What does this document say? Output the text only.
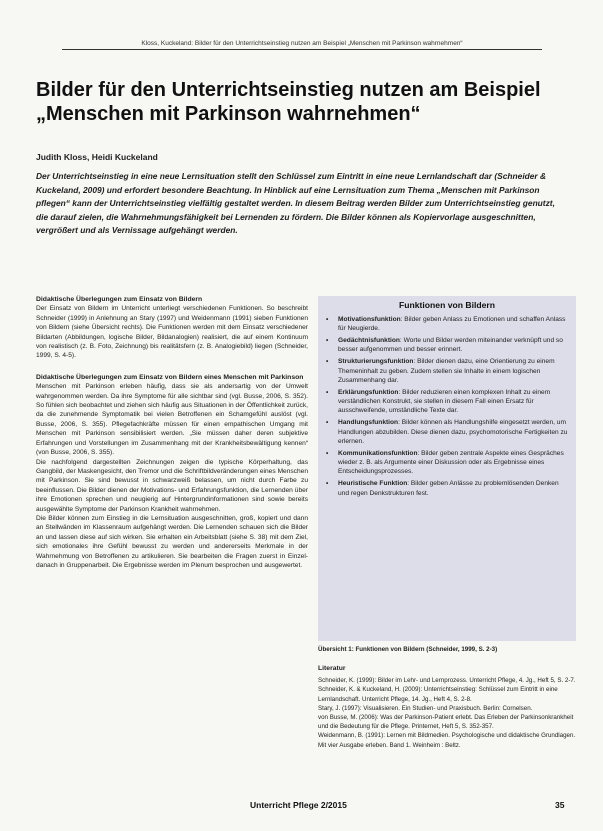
Kloss, Kuckeland: Bilder für den Unterrichtseinstieg nutzen am Beispiel „Menschen mit Parkinson wahrnehmen“
Bilder für den Unterrichtseinstieg nutzen am Beispiel „Menschen mit Parkinson wahrnehmen“
Judith Kloss, Heidi Kuckeland
Der Unterrichtseinstieg in eine neue Lernsituation stellt den Schlüssel zum Eintritt in eine neue Lernlandschaft dar (Schneider & Kuckeland, 2009) und erfordert besondere Beachtung. In Hinblick auf eine Lernsituation zum Thema „Menschen mit Parkinson pflegen“ kann der Unterrichtseinstieg vielfältig gestaltet werden. In diesem Beitrag werden Bilder zum Unterrichtseinstieg genutzt, die darauf zielen, die Wahrnehmungsfähigkeit bei Lernenden zu fördern. Die Bilder können als Kopiervorlage ausgeschnitten, vergrößert und als Vernissage aufgehängt werden.
Didaktische Überlegungen zum Einsatz von Bildern

Der Einsatz von Bildern im Unterricht unterliegt verschiedenen Funktionen. So beschreibt Schneider (1999) in Anlehnung an Stary (1997) und Weidenmann (1991) sieben Funktionen von Bildern (siehe Übersicht rechts). Die Funktionen werden mit dem Einsatz verschiedener Bildarten (Abbildungen, logische Bilder, Bildanalogien) realisiert, die auf einem Kontinuum von realistisch (z. B. Foto, Zeichnung) bis realitätsfern (z. B. Analogiebild) liegen (Schneider, 1999, S. 4-5).

Didaktische Überlegungen zum Einsatz von Bildern eines Menschen mit Parkinson

Menschen mit Parkinson erleben häufig, dass sie als andersartig von der Umwelt wahrgenommen werden. Da ihre Symptome für alle sichtbar sind (vgl. Busse, 2006, S. 352). So fühlen sich beobachtet und ziehen sich häufig aus Situationen in der Öffentlichkeit zurück, da die zunehmende Symptomatik bei vielen Betroffenen ein Schamgefühl auslöst (vgl. Busse, 2006, S. 355). Pflegefachkräfte müssen für einen empathischen Umgang mit Menschen mit Parkinson sensibilisiert werden. „Sie müssen daher deren subjektive Erfahrungen und Vorstellungen im Zusammenhang mit der Krankheitsbewältigung kennen“ (von Busse, 2006, S. 355).

Die nachfolgend dargestellten Zeichnungen zeigen die typische Körperhaltung, das Gangbild, der Maskengesicht, den Tremor und die Schriftbildveränderungen eines Menschen mit Parkinson. Sie sind bewusst in schwarzweiß belassen, um nicht durch Farbe zu beeinflussen. Die Bilder dienen der Motivations- und Erfahrungsfunktion, die Lernenden über ihre Emotionen sprechen und neugierig auf Hintergrundinformationen sind sowie bereits ausgewählte Symptome der Parkinson Krankheit wahrnehmen.

Die Bilder können zum Einstieg in die Lernsituation ausgeschnitten, groß, kopiert und dann an Stellwänden im Klassenraum aufgehängt werden. Die Lernenden schauen sich die Bilder an und lassen diese auf sich wirken. Sie erhalten ein Arbeitsblatt (siehe S. 38) mit dem Ziel, sich emotionales ihre Gefühl bewusst zu werden und andererseits Merkmale in der Wahrnehmung von Betroffenen zu artikulieren. Sie bearbeiten die Fragen zuerst in Einzel- danach in Gruppenarbeit. Die Ergebnisse werden im Plenum besprochen und ausgewertet.

Funktionen von Bildern
• Motivationsfunktion: Bilder geben Anlass zu Emotionen und schaffen Anlass für Neugierde.
• Gedächtnisfunktion: Worte und Bilder werden miteinander verknüpft und so besser aufgenommen und besser erinnert.
• Strukturierungsfunktion: Bilder dienen dazu, eine Orientierung zu einem Themeninhalt zu geben. Zudem stellen sie Inhalte in einem logischen Zusammenhang dar.
• Erklärungsfunktion: Bilder reduzieren einen komplexen Inhalt zu einem verständlichen Konstrukt, sie stellen in diesem Fall einen Ersatz für ausschweifende, umständliche Texte dar.
• Handlungsfunktion: Bilder können als Handlungshilfe eingesetzt werden, um Handlungen abzubilden. Diese dienen dazu, psychomotorische Fertigkeiten zu erlernen.
• Kommunikationsfunktion: Bilder geben zentrale Aspekte eines Gespräches wieder z. B. als Argumente einer Diskussion oder als Ergebnisse eines Entscheidungsprozesses.
• Heuristische Funktion: Bilder geben Anlässe zu problemlösenden Denken und regen Denkstrukturen fest.
Übersicht 1: Funktionen von Bildern (Schneider, 1999, S. 2-3)
Literatur

Schneider, K. (1999): Bilder im Lehr- und Lernprozess. Unterricht Pflege, 4. Jg., Heft 5, S. 2-7.

Schneider, K. & Kuckeland, H. (2009): Unterrichtseinstieg: Schlüssel zum Eintritt in eine Lernlandschaft. Unterricht Pflege, 14. Jg., Heft 4, S. 2-8.

Stary, J. (1997): Visualisieren. Ein Studien- und Praxisbuch. Berlin: Cornelsen.

von Busse, M. (2006): Was der Parkinson-Patient erlebt. Das Erleben der Parkinsonkrankheit und die Bedeutung für die Pflege. Printernet, Heft 5, S. 352-357.

Weidenmann, B. (1991): Lernen mit Bildmedien. Psychologische und didaktische Grundlagen. Mit vier Ausgabe erleben. Band 1. Weinheim : Beltz.

Unterricht Pflege 2/2015	35
